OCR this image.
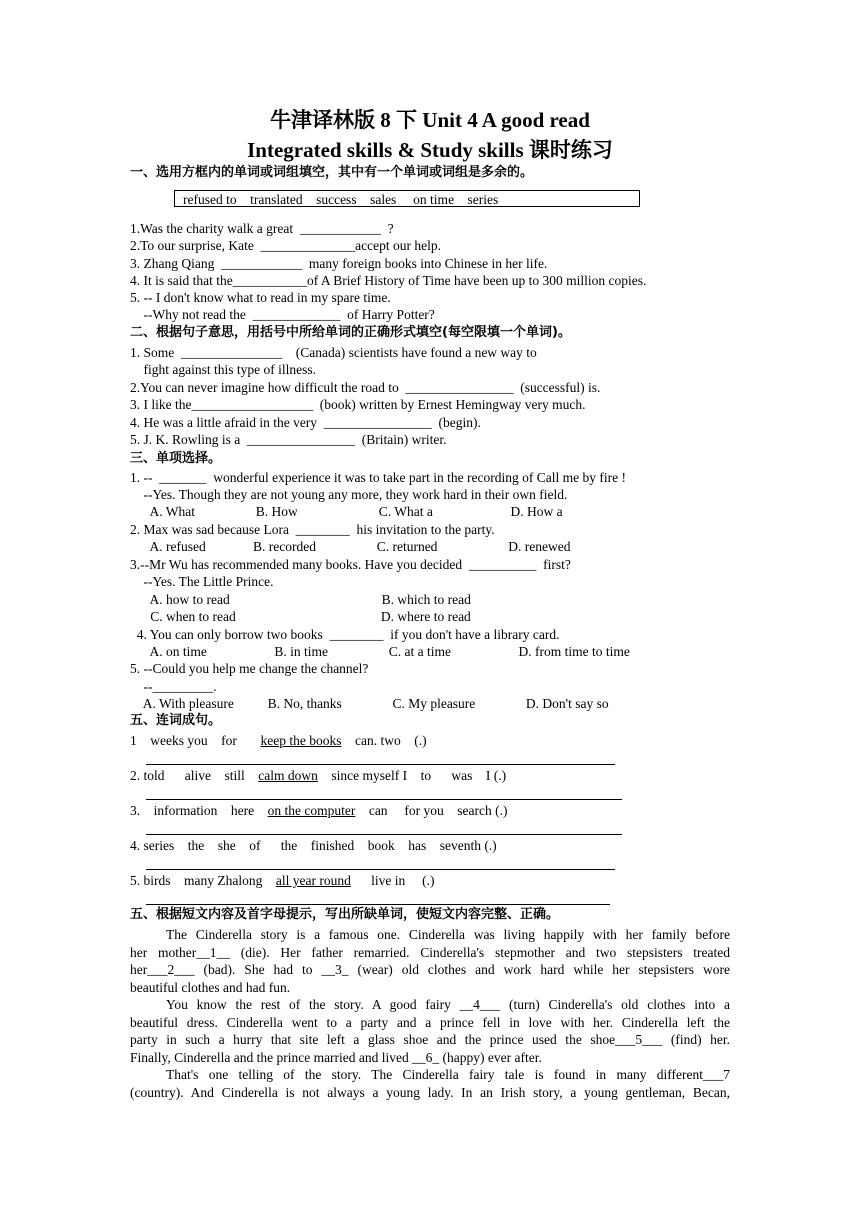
牛津译林版 8 下 Unit 4 A good read
Integrated skills & Study skills 课时练习
一、选用方框内的单词或词组填空，其中有一个单词或词组是多余的。
refused to    translated    success    sales     on time    series
1.Was the charity walk a great  ____________  ?
2.To our surprise, Kate  ______________accept our help.
3. Zhang Qiang  ____________  many foreign books into Chinese in her life.
4. It is said that the___________of A Brief History of Time have been up to 300 million copies.
5. -- I don't know what to read in my spare time.
--Why not read the  _____________  of Harry Potter?
二、根据句子意思，用括号中所给单词的正确形式填空(每空限填一个单词)。
1. Some  _______________    (Canada) scientists have found a new way to
fight against this type of illness.
2.You can never imagine how difficult the road to  ________________  (successful) is.
3. I like the__________________  (book) written by Ernest Hemingway very much.
4. He was a little afraid in the very  ________________  (begin).
5. J. K. Rowling is a  ________________  (Britain) writer.
三、单项选择。
1. --  _______  wonderful experience it was to take part in the recording of Call me by fire !
--Yes. Though they are not young any more, they work hard in their own field.
A. What                  B. How                        C. What a                       D. How a
2. Max was sad because Lora  ________  his invitation to the party.
A. refused              B. recorded                  C. returned                     D. renewed
3.--Mr Wu has recommended many books. Have you decided  __________  first?
--Yes. The Little Prince.
A. how to read                                             B. which to read
C. when to read                                           D. where to read
4. You can only borrow two books  ________  if you don't have a library card.
A. on time                    B. in time                  C. at a time                    D. from time to time
5. --Could you help me change the channel?
--_________.
A. With pleasure          B. No, thanks               C. My pleasure               D. Don't say so
五、连词成句。
1    weeks you    for       keep the books    can. two    (.)
2. told      alive    still    calm down    since myself I    to      was    I (.)
3.    information    here    on the computer    can     for you    search (.)
4. series    the    she    of      the    finished    book    has    seventh (.)
5. birds    many Zhalong    all year round      live in     (.)
五、根据短文内容及首字母提示，写出所缺单词，使短文内容完整、正确。
The Cinderella story is a famous one. Cinderella was living happily with her family before
her mother__1__ (die). Her father remarried. Cinderella's stepmother and two stepsisters treated
her___2___ (bad). She had to __3_ (wear) old clothes and work hard while her stepsisters wore
beautiful clothes and had fun.
You know the rest of the story. A good fairy __4___ (turn) Cinderella's old clothes into a
beautiful dress. Cinderella went to a party and a prince fell in love with her. Cinderella left the
party in such a hurry that site left a glass shoe and the prince used the shoe___5___ (find) her.
Finally, Cinderella and the prince married and lived __6_ (happy) ever after.
That's one telling of the story. The Cinderella fairy tale is found in many different___7
(country). And Cinderella is not always a young lady. In an Irish story, a young gentleman, Becan,
